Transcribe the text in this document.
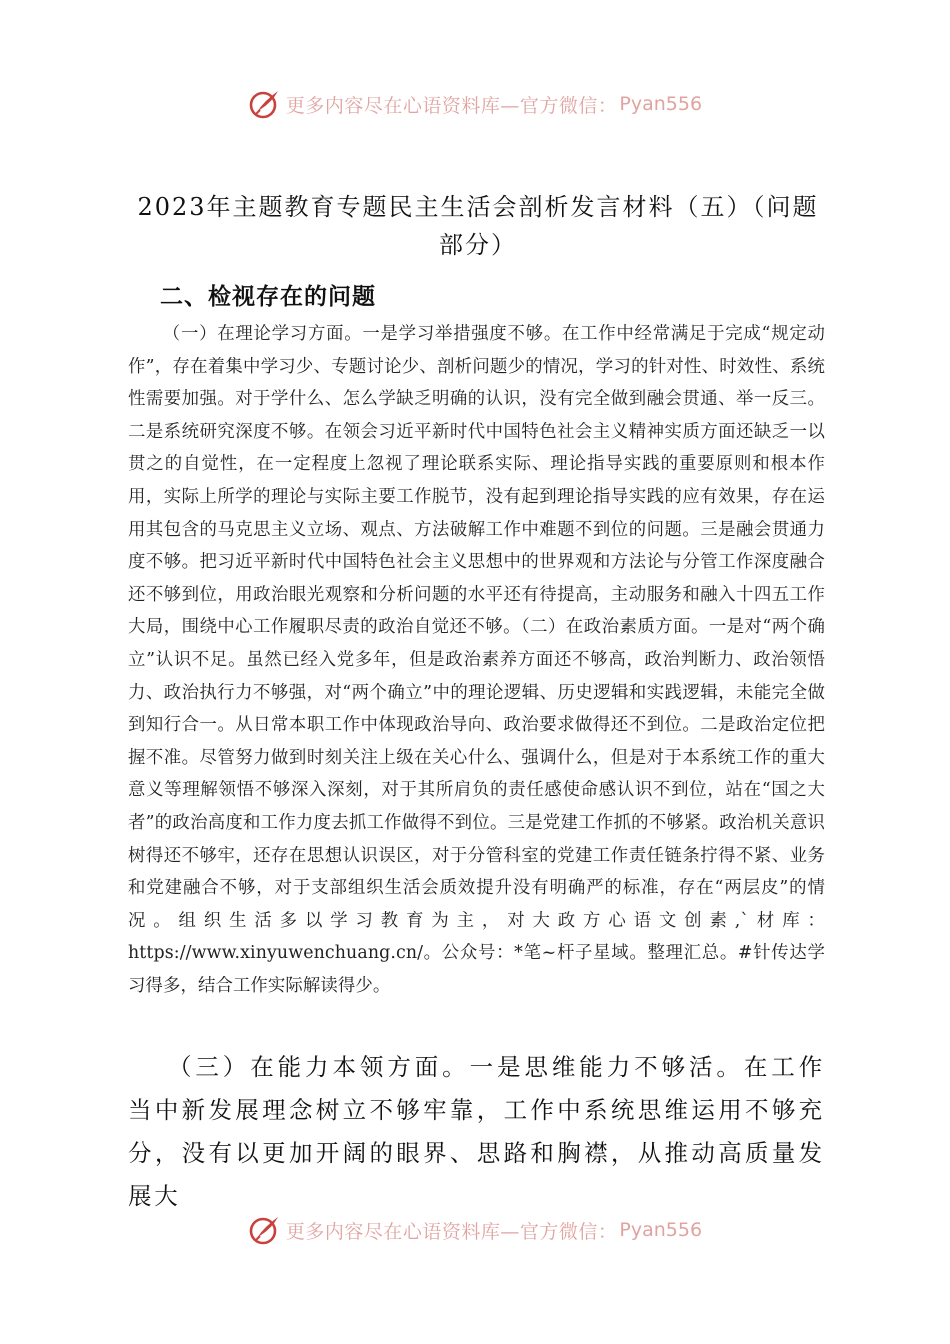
更多内容尽在心语资料库—官方微信： Pyan556
2023年主题教育专题民主生活会剖析发言材料（五）（问题部分）
二、检视存在的问题

（一）在理论学习方面。一是学习举措强度不够。在工作中经常满足于完成“规定动作”，存在着集中学习少、专题讨论少、剖析问题少的情况，学习的针对性、时效性、系统性需要加强。对于学什么、怎么学缺乏明确的认识，没有完全做到融会贯通、举一反三。二是系统研究深度不够。在领会习近平新时代中国特色社会主义精神实质方面还缺乏一以贯之的自觉性，在一定程度上忽视了理论联系实际、理论指导实践的重要原则和根本作用，实际上所学的理论与实际主要工作脱节，没有起到理论指导实践的应有效果，存在运用其包含的马克思主义立场、观点、方法破解工作中难题不到位的问题。三是融会贯通力度不够。把习近平新时代中国特色社会主义思想中的世界观和方法论与分管工作深度融合还不够到位，用政治眼光观察和分析问题的水平还有待提高，主动服务和融入十四五工作大局，围绕中心工作履职尽责的政治自觉还不够。（二）在政治素质方面。一是对“两个确立”认识不足。虽然已经入党多年，但是政治素养方面还不够高，政治判断力、政治领悟力、政治执行力不够强，对“两个确立”中的理论逻辑、历史逻辑和实践逻辑，未能完全做到知行合一。从日常本职工作中体现政治导向、政治要求做得还不到位。二是政治定位把握不准。尽管努力做到时刻关注上级在关心什么、强调什么，但是对于本系统工作的重大意义等理解领悟不够深入深刻，对于其所肩负的责任感使命感认识不到位，站在“国之大者”的政治高度和工作力度去抓工作做得不到位。三是党建工作抓的不够紧。政治机关意识树得还不够牢，还存在思想认识误区，对于分管科室的党建工作责任链条拧得不紧、业务和党建融合不够，对于支部组织生活会质效提升没有明确严的标准，存在“两层皮”的情况。组织生活多以学习教育为主，对大政方心语文创素,`材库：https://www.xinyuwenchuang.cn/。公众号：*笔~杆子星域。整理汇总。#针传达学习得多，结合工作实际解读得少。

（三）在能力本领方面。一是思维能力不够活。在工作当中新发展理念树立不够牢靠，工作中系统思维运用不够充分，没有以更加开阔的眼界、思路和胸襟，从推动高质量发展大

更多内容尽在心语资料库—官方微信： Pyan556
